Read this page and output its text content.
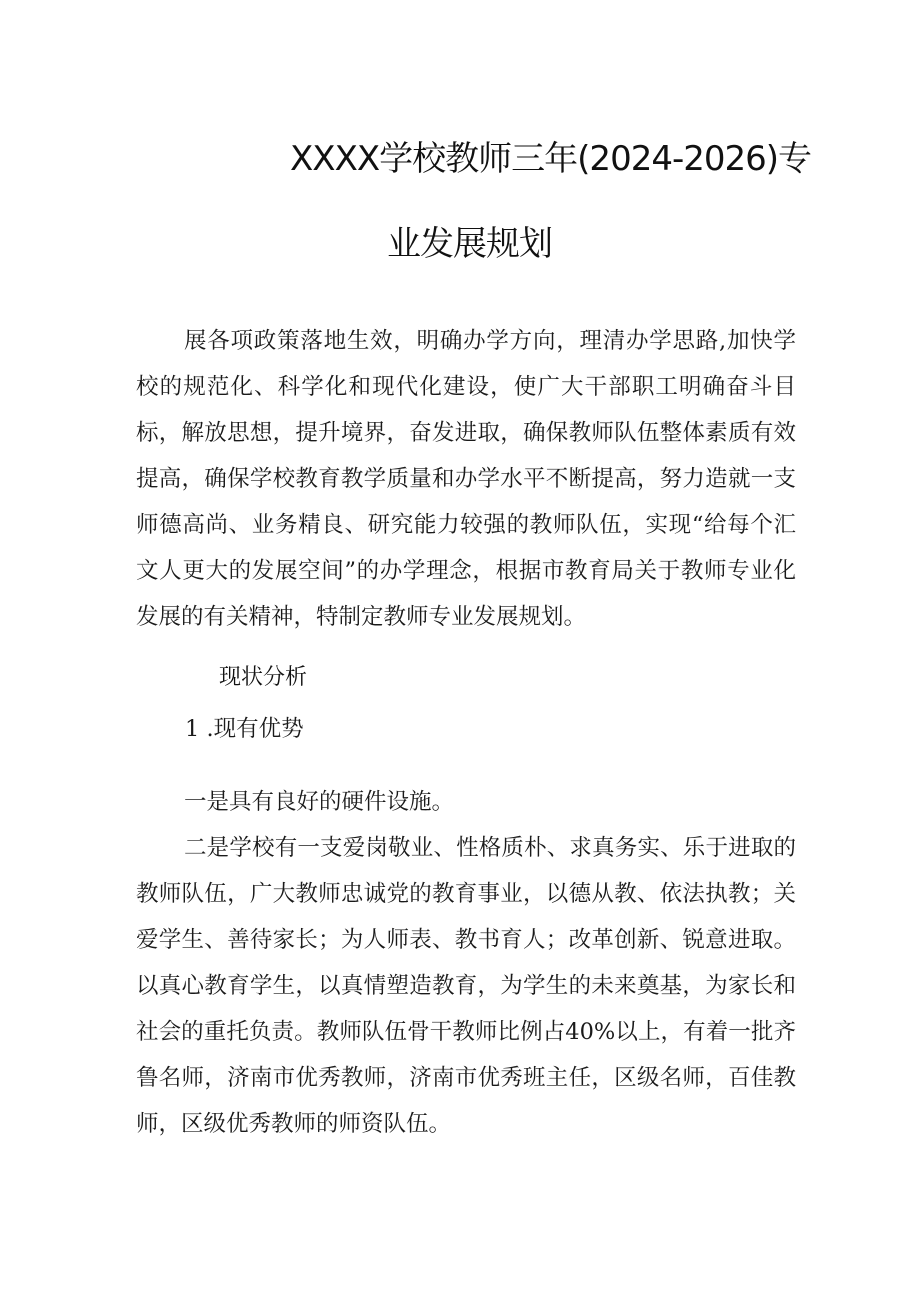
XXXX学校教师三年(2024-2026)专
业发展规划
展各项政策落地生效，明确办学方向，理清办学思路,加快学校的规范化、科学化和现代化建设，使广大干部职工明确奋斗目标，解放思想，提升境界，奋发进取，确保教师队伍整体素质有效提高，确保学校教育教学质量和办学水平不断提高，努力造就一支师德高尚、业务精良、研究能力较强的教师队伍，实现“给每个汇文人更大的发展空间”的办学理念，根据市教育局关于教师专业化发展的有关精神，特制定教师专业发展规划。
现状分析
1 .现有优势
一是具有良好的硬件设施。
二是学校有一支爱岗敬业、性格质朴、求真务实、乐于进取的教师队伍，广大教师忠诚党的教育事业，以德从教、依法执教；关爱学生、善待家长；为人师表、教书育人；改革创新、锐意进取。以真心教育学生，以真情塑造教育，为学生的未来奠基，为家长和社会的重托负责。教师队伍骨干教师比例占40%以上，有着一批齐鲁名师，济南市优秀教师，济南市优秀班主任，区级名师，百佳教师，区级优秀教师的师资队伍。
